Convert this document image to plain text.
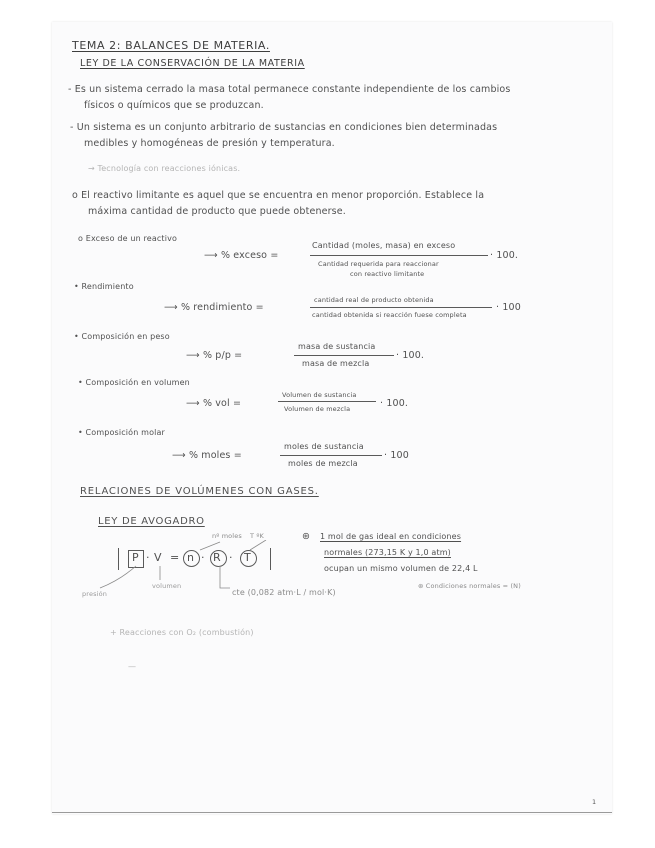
TEMA 2: BALANCES DE MATERIA.
LEY DE LA CONSERVACIÓN DE LA MATERIA
- Es un sistema cerrado la masa total permanece constante independiente de los cambios
físicos o químicos que se produzcan.
- Un sistema es un conjunto arbitrario de sustancias en condiciones bien determinadas
medibles y homogéneas de presión y temperatura.
→ Tecnología con reacciones iónicas.
o El reactivo limitante es aquel que se encuentra en menor proporción. Establece la
máxima cantidad de producto que puede obtenerse.
o Exceso de un reactivo
⟶ % exceso =
Cantidad (moles, masa) en exceso
Cantidad requerida para reaccionar
con reactivo limitante
· 100.
• Rendimiento
⟶ % rendimiento =
cantidad real de producto obtenida
cantidad obtenida si reacción fuese completa
· 100
• Composición en peso
⟶ % p/p =
masa de sustancia
masa de mezcla
· 100.
• Composición en volumen
⟶ % vol =
Volumen de sustancia
Volumen de mezcla	· 100.
• Composición molar
⟶ % moles =
moles de sustancia
moles de mezcla
· 100
RELACIONES DE VOLÚMENES CON GASES.
LEY DE AVOGADRO
nº moles T ºK
P · V = n · R · T
presión
volumen
cte (0,082 atm·L / mol·K)
⊛ 1 mol de gas ideal en condiciones
normales (273,15 K y 1,0 atm)
ocupan un mismo volumen de 22,4 L
⊛ Condiciones normales = (N)
+ Reacciones con O₂ (combustión)
—
1
